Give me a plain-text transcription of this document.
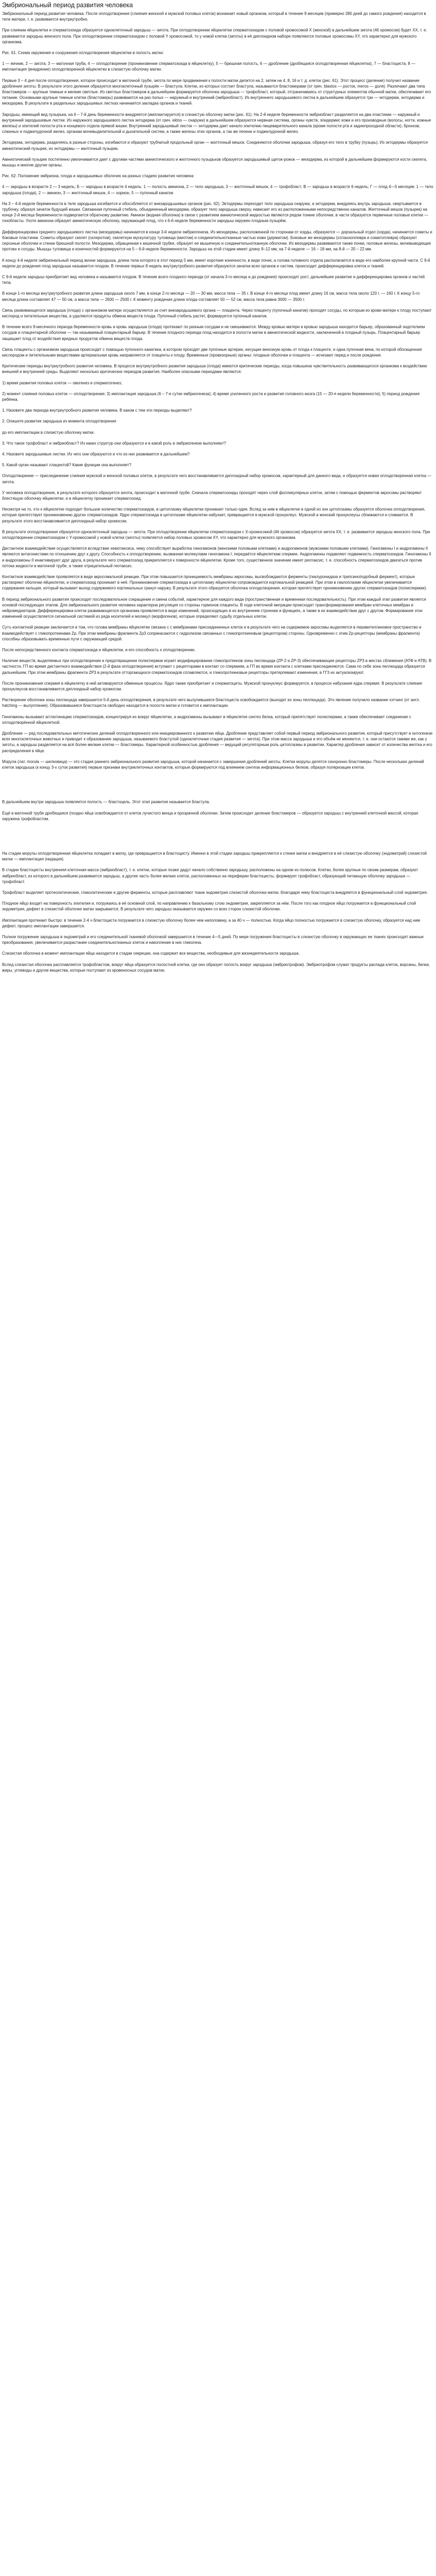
Эмбриональный период развития человека

Эмбриональный период развития человека. После оплодотворения (слияния женской и мужской половых клеток) возникает новый организм, который в течение 9 месяцев (примерно 280 дней до самого рождения) находится в теле матери, т. е. развивается внутриутробно.

При слиянии яйцеклетки и сперматозоида образуется одноклеточный зародыш — зигота. При оплодотворении яйцеклетки сперматозоидом с половой хромосомой X (женской) в дальнейшем зигота (46 хромосом) будет XX, т. е. развивается зародыш женского пола. При оплодотворении сперматозоидом с половой Y хромосомой, то у новой клетки (зиготы) в её диплоидном наборе появляются половые хромосомы XY, что характерно для мужского организма.

Рис. 61. Схема окружения и сооружения оплодотворения яйцеклетки в полость матки:

1 — яичник, 2 — зигота, 3 — маточная труба, 4 — оплодотворение (проникновение сперматозоида в яйцеклетку), 5 — брюшная полость, 6 — дробление (дробящаяся оплодотворенная яйцеклетка), 7 — бластоциста, 8 — имплантация (внедрение) оплодотворенной яйцеклетки в слизистую оболочку матки.

Первые 3 – 4 дня после оплодотворения, которое происходит в маточной трубе, зигота по мере продвижения к полости матки делится на 2, затем на 4, 8, 16 и т. д. клеток (рис. 61). Этот процесс (деление) получил название дробления зиготы. В результате этого деления образуется многоклеточный пузырёк — бластула. Клетки, из которых состоит бластула, называются бластомерами (от греч. blastos — росток, meros — доля). Различают два типа бластомеров — крупные темные и мелкие светлые. Из светлых бластомеров в дальнейшем формируется оболочка зародыша — трофобласт, который, отграничиваясь от структурных элементов обычной матки, обеспечивает его питание. Основными крупные темные клетки (бластомеры) развиваются на раз полых — наружный и внутренний (эмбриобласт). Из внутреннего зародышевого листка в дальнейшем образуется три — эктодерма, энтодерма и мезодерма. В результате в раздельных зародышевых листках начинается закладка органов и тканей.

Зародыш, имеющий вид пузырька, на 6 – 7-й день беременности внедряется (имплантируется) в слизистую оболочку матки (рис. 61). На 2-й неделе беременности эмбриобласт разделяется на два пластинки — наружный и внутренний зародышевые листки. Из наружного зародышевого листка эктодерма (от греч. ektos — снаружи) в дальнейшем образуются нервная система, органы чувств, эпидермис кожи и его производные (волосы, ногти, кожные железы) и эпителий полости рта и концевого отдела прямой кишки. Внутренний зародышевый листок — энтодерма дает начало эпителию пищеварительного канала (кроме полости рта и заднепроходной области), бронхов, слюнных и поджелудочной желез, органам мочевыделительной и дыхательной систем, а также железы этих органов, а так же печени и поджелудочной желез.

Эктодерма, энтодерма, разделяясь в разные стороны, изгибаются и образуют трубчатый продольный орган — желточный мешок. Соединяются оболочки зародыша, образуя его тело в трубку (пузырь). Из эктодермы образуется амниотический пузырек, из энтодермы — желточный пузырек.

Амниотический пузырек постепенно увеличивается дает с другими частями амниотического и желточного пузырьков образуется зародышевый щиток-рожок — мезодерма, из которой в дальнейшем формируются кости скелета, мышцы и многие другие органы.

Рис. 62. Положение эмбриона, плода и зародышевых оболочек на разных стадиях развития человека:

4 — зародыш в возрасте 2 — 3 недель; Б — зародыш в возрасте 4 недель: 1 — полость амниона, 2 — тело зародыша, 3 — желточный мешок, 4 — трофобласт; В — зародыш в возрасте 6 недель; Г — плод 4—5 месяцев: 1 — тело зародыша (плода), 2 — амнион, 3 — желточный мешок, 4 — хорион, 5 — пупочный канатик

На 3 – 4-й неделе беременности в теле зародыша изгибается и обособляется от внезародышевых органов (рис. 62). Эктодермы переходит тело зародыша снаружи, а эктодерма, внедряясь внутрь зародыша, свертывается в трубочку, образуя зачаток будущей кишки. Связанная пупочный стебель, объединенный мезодерма, образует тело зародыша сверху, нависает его из расположенными непосредственно каналов. Желточный мешок (пузырек) на конце 2-й месяца беременности подвергается обратному развитию. Амнион (водная оболочка) в связи с развитием амниотической жидкостью являются рядом тонкие оболочки, в части образуется первичные половые клетки — гонобласты. Ухоте амниона образует амниотическую оболочку, окружающий плод, что к 6-й неделе беременности зародыш окружен плодным пузырём.

Дифференцировка среднего зародышевого листка (мезодермы) начинается в конце 3-й недели эмбриогенеза. Из мезодермы, расположенной по сторонам от хорды, образуются — дорзальный отдел (хорда), начинается сомиты и боковые пластинки. Сомиты образуют скелет (склеротом), скелетную мускулатуру туловища (миотом) и соединительнотканные частью кожи (дерматом). Боковые же мезодермы (сплахноплевра и соматоплевра) образуют серозные оболочки и стенки брюшной полости. Мезодерма, обращенная к кишечной трубке, образует ее мышечную и соединительнотканную оболочки. Из мезодермы развиваются также почки, половые железы, мочевыводящие протоки и сосуды. Мышцы туловища и конечностей формируются на 5 – 6-й неделе беременности. Зародыш на этой стадии имеет длину 9–12 мм, на 7-й неделе — 16 – 18 мм, на 8-й — 20 – 22 мм.

К концу 4-й неделе эмбриональный период жизни зародыша, длина тела которого в этот период 5 мм, имеет короткие конечности, в виде почек, а голова головного отдела располагается в виде его наиболее крупной части. С 9-й недели до рождения плод зародыша называется плодом. В течение первых 8 недель внутриутробного развития образуются зачатки всех органов и систем, происходит дифференцировка клеток и тканей.

С 9-й недели зародыш приобретает вид человека и называется плодом. В течение всего плодного периода (от начала 3-го месяца и до рождения) происходят рост, дальнейшее развитие и дифференцировка органов и частей тела.

В конце 1-го месяца внутриутробного развития длина зародыша около 7 мм, в конце 2-го месяца — 20 — 30 мм, масса тела — 35 г. В конце 4-го месяца плод имеет длину 16 см, масса тела около 120 г. — 160 г. К концу 5-го месяца длина составляет 47 — 50 см, а масса тела — 2600 — 2500 г. К моменту рождения длина плода составляет 50 — 52 см, масса тела равна 3000 — 3500 г.

Связь развивающегося зародыша (плода) с организмом матери осуществляется за счет внезародышевого органа — плацента. Через плаценту (пупочный канатик) проходят сосуды, по которым из крови матери к плоду поступают кислород и питательные вещества, а удаляются продукты обмена веществ плода. Пупочный стебель растет, формируется пупочный канатик.

В течение всего 9-месячного периода беременности кровь и кровь зародыша (плода) протекают по разным сосудам и не смешиваются. Между кровью матери и кровью зародыша находится барьер, образованный эндотелием сосудов и плацентарной оболочки — так называемый плацентарный барьер. В течение плодного периода плод находится в полости матки в амниотической жидкости, заключенной в плодный пузырь. Плацентарный барьер защищает плод от воздействия вредных продуктов обмена веществ плода.

Связь плаценты с организмом зародыша происходит с помощью пупочного канатика, в котором проходят две пупочные артерии, несущие венозную кровь от плода к плаценте, и одна пупочная вена, по которой обогащенная кислородом и питательными веществами артериальная кровь направляется от плаценты к плоду. Временные (провизорные) органы: плодные оболочки и плацента — исчезают перед и после рождения.

Критические периоды внутриутробного развития человека. В процессе внутриутробного развития зародыша (плода) имеются критические периоды, когда повышена чувствительность развивающегося организма к воздействию внешней и внутренней среды. Выделяют несколько критических периодов развития. Наиболее опасными периодами являются:

1) время развития половых клеток — овогенез и сперматогенез;

2) момент слияния половых клеток — оплодотворение; 3) имплантация зародыша (6 – 7-е сутки эмбриогенеза); 4) время усиленного роста и развития головного мозга (15 — 20-я недели беременности); 5) период рождения ребёнка.

1. Назовите два периода внутриутробного развития человека. В каком с тем эти периоды выделяют?

2. Опишите развитие зародыша из момента оплодотворения

до его имплантации в слизистую оболочку матки.

3. Что такое трофобласт и эмбриобласт? Из каких структур они образуются и в какой роль в эмбриогенезе выполняют?

4. Назовите зародышевые листки. Из чего они образуются и что из них развивается в дальнейшем?

5. Какой орган называют плацентой? Какие функции она выполняет?

Оплодотворение — присоединение слияния мужской и женской половых клеток, в результате чего восстанавливается диплоидный набор хромосом, характерный для данного вида, и образуется новая оплодотворенная клетка — зигота.

У человека оплодотворение, в результате которого образуется зигота, происходит в маточной трубе. Сначала сперматозоиды проходят через слой фолликулярных клеток, затем с помощью ферментов акросомы растворяют блестящую оболочку яйцеклетки, и в яйцеклетку проникает сперматозоид.

Несмотря на то, что к яйцеклетке подходит большое количество сперматозоидов, в цитоплазму яйцеклетки проникает только один. Вслед за ним в яйцеклетке в одной из зон цитоплазмы образуется оболочка оплодотворения, которая препятствует проникновению других сперматозоидов. Ядро сперматозоида в цитоплазме яйцеклетки набухает, превращается в мужской пронуклеус. Мужской и женский пронуклеусы сближаются и сливаются. В результате этого восстанавливается диплоидный набор хромосом.

В результате оплодотворения образуется одноклеточный зародыш — зигота. При оплодотворении яйцеклетки сперматозоидом с X-хромосомой (46 хромосом) образуется зигота XX, т. е. развивается зародыш женского пола. При оплодотворении сперматозоидом с Y-хромосомой у новой клетки (зиготы) появляется набор половых хромосом XY, что характерно для мужского организма.

Дистантное взаимодействие осуществляется вследствие хемотаксиса, чему способствует выработка гиногамонов (женскими половыми клетками) и андрогамонов (мужскими половыми клетками). Гиногамоны I и андрогамоны II являются антагонистами по отношению друг к другу. Способность к оплодотворению, вызванная молекулами гиногамона I, передаётся яйцеклеткам спермии. Андрогамоны подавляют подвижность сперматозоидов. Гиногамоны II и андрогамоны II инактивируют друг друга, в результате чего сперматозоид прикрепляется к поверхности яйцеклетки. Кроме того, существенное значение имеет реотаксис, т. е. способность сперматозоидов двигаться против потока жидкости в маточной трубе, а также отрицательный геотаксис.

Контактное взаимодействие проявляется в виде акросомальной реакции. При этом повышается проницаемость мембраны акросомы, высвобождаются ферменты (гиалуронидаза и трипсиноподобный фермент), которые растворяют оболочки яйцеклетки, и сперматозоид проникает в неё. Проникновение сперматозоида в цитоплазму яйцеклетки сопровождается кортикальной реакцией. При этом в гиалоплазме яйцеклетки увеличивается содержание кальция, который вызывает выход содержимого кортикальных гранул наружу. В результате этого образуется оболочка оплодотворения, которая препятствует проникновению других сперматозоидов (полиспермии).

В период эмбрионального развития происходит последовательное сокращение и смена событий, характерное для каждого вида (пространственная и временная последовательность). При этом каждый этап развития является основой последующих этапов. Для эмбрионального развития человека характерна регуляция со стороны гормонов плаценты. В ходе клеточной миграции происходит трансформирования мембран клеточных мембран и нейромедиаторов. Дифференцировка клеток развивающегося организма проявляется в виде изменений, происходящих в их внутреннем строении и функциях, а также в их взаимодействии друг с другом. Формирование этих изменений осуществляется сигнальной системой из ряда носителей и молекул (морфогенов), которые определяют судьбу отдельных клеток.

Сутъ контактной реакции заключается в том, что голова мембраны яйцеклетки связана с с мембранами присоединенных клеток и в результате чего на содержимое акросомы выделяется в перивителлиновое пространство и взаимодействует с гликопротеинами Zp. При этом мембраны фрагмента Zp3 соприкасаются с гидролизом связанных с гликопротеиновым (рецептором) стороны. Одновременно с этим Zp-рецепторы (мембраны фрагмента) способны образовывать временные пути с окружающей средой.

После непосредственного контакта сперматозоида и яйцеклетки, и его способность к оплодотворению.

Наличие веществ, выделяемых при оплодотворении и предотвращении полиспермии играет модифицирование гликопротеинов зоны пеллюцида (ZP-2 и ZP-3) обеспечивающее рецепторы ZP3 в местах сближения (АТФ и ATB). В частности, ГП во время дистантного взаимодействия (2-й фаза оплодотворения) вступают с рецепторами в контакт со спермием, а ГП во время контакта с клетками присоединяются. Сама по себе зона пеллюцида образуется дальнейшем. При этом мембраны фрагмента ZP3 в результате отторгающихся сперматозоидов сплавляются, и гликопротеиновые рецепторы претерпевают изменения, в ГГ3 их актуализируют.

После проникновения спермия в яйцеклетку в ней активируются обменные процессы. Ядро также приобретает и сперматоциты. Мужской пронуклеус формируется, в процессе набухания ядра спермия. В результате слияния пронуклеусов восстанавливается диплоидный набор хромосом.

Растворение оболочки зоны пеллюцида завершается 5-й день оплодотворения, в результате чего вылупившаяся бластоциста освобождается (выходит из зоны пеллюцида). Это явление получило название хэтчинг (от англ. hatching — вылупление). Образовавшаяся бластоциста свободно находится в полости матки и готовится к имплантации.

Гиногамоны вызывают агглютинацию сперматозоидов, концентрируя их вокруг яйцеклетки, а андрогамоны вызывают в яйцеклетке синтез белка, который препятствует полиспермии, а также обеспечивает соединение с оплодотворённой яйцеклеткой.

Дробление — ряд последовательных митотических делений оплодотворенного или инициированного к развитию яйца. Дробление представляет собой первый период эмбрионального развития, который присутствует в онтогенезе всех многоклеточных животных и приводит к образованию зародыша, называемого бластулой (одноклеточная стадия развития — зигота). При этом масса зародыша и его объём не меняются, т. е. они остаются такими же, как у зиготы, а зародыш разделяется на всё более мелкие клетки — бластомеры. Характерной особенностью дробления — ведущий регуляторным роль цитоплазмы в развитии. Характер дробления зависит от количества желтка и его распределения в яйце.

Морула (лат. morula — шелковица) — это стадия раннего эмбрионального развития зародыша, которой начинается с завершения дроблений зиготы. Клетки морулы делятся синхронно бластомеры. После нескольких делений клеток зародыша (к концу 3-х суток развития) первые признаки внутриклеточных контактов, которые формируются под влиянием синтеза информационных белков, образуя поляризации клеток.

В дальнейшем внутри зародыша появляется полость — бластоцель. Этот этап развития называется бластула.

Ещё в маточной трубе дробящаяся (поздно яйца освобождается от клеток лучистого венца и прозрачной оболочки. Затем происходит деление бластомеров — образуется зародыш с внутренней клеточной массой, которая окружена трофобластом.

На стадии морулы оплодотворенная яйцеклетка попадает в матку, где превращается в бластоцисту. Именно в этой стадии зародыш прикрепляется к стенке матки и внедряется в её слизистую оболочку (эндометрий) слизистой матки — имплантация (нидация).

В стадии бластоцисты внутренняя клеточная масса (эмбриобласт), т. е. клетки, которые позже дадут начало собственно зародышу, расположены на одном из полюсов. Клетки, более крупные по своим размерам, образуют эмбриобласт, из которого в дальнейшем развивается зародыш, а другие часть более мелких клеток, расположенных на периферии бластоцисты, формирует трофобласт, образующий питающую оболочку зародыша — трофобласт.

Трофобласт выделяет протеолитические, гликолитические и другие ферменты, которые расплавляют ткани эндометрия слизистой оболочки матки, благодаря чему бластоциста внедряется в функциональный слой эндометрия.

Плодное яйцо входит на поверхность эпителия и, погружаясь в её основной слой, по направлению к базальному слою эндометрия, закрепляется за нём. После того как плодное яйцо погружается в функциональный слой эндометрия, дефект в слизистой оболочке матки закрывается. В результате чего зародыш оказывается окружен со всех сторон слизистой оболочки.

Имплантация протекает быстро: в течение 2-4 ч бластоциста погружается в слизистую оболочку более чем наполовину, а за 40 ч — полностью. Когда яйцо полностью погружается в слизистую оболочку, образуется над ним дефект, процесс имплантации завершается.

Полное погружение зародыша в эндометрий и его соединительной тканевой оболочкой завершается в течение 4—5 дней. По мере погружения бластоцисты в слизистую оболочку в окружающих ее тканях происходят важные преобразования, увеличивается разрастание соединительнотканных клеток и накопление в них гликогена.

Слизистая оболочка в момент имплантации яйца находится в стадии секреции, она содержит все вещества, необходимые для жизнедеятельности зародыша.

Вслед слизистая оболочка расплавляется трофобластом, вокруг яйца образуется полостной клетки, где оно образует полость вокруг зародыша (эмбриотрофом). Эмбриотрофом служат продукты распада клеток, ворсины, белки, жиры, углеводы и другие вещества, которые поступают из кровеносных сосудов матки.
